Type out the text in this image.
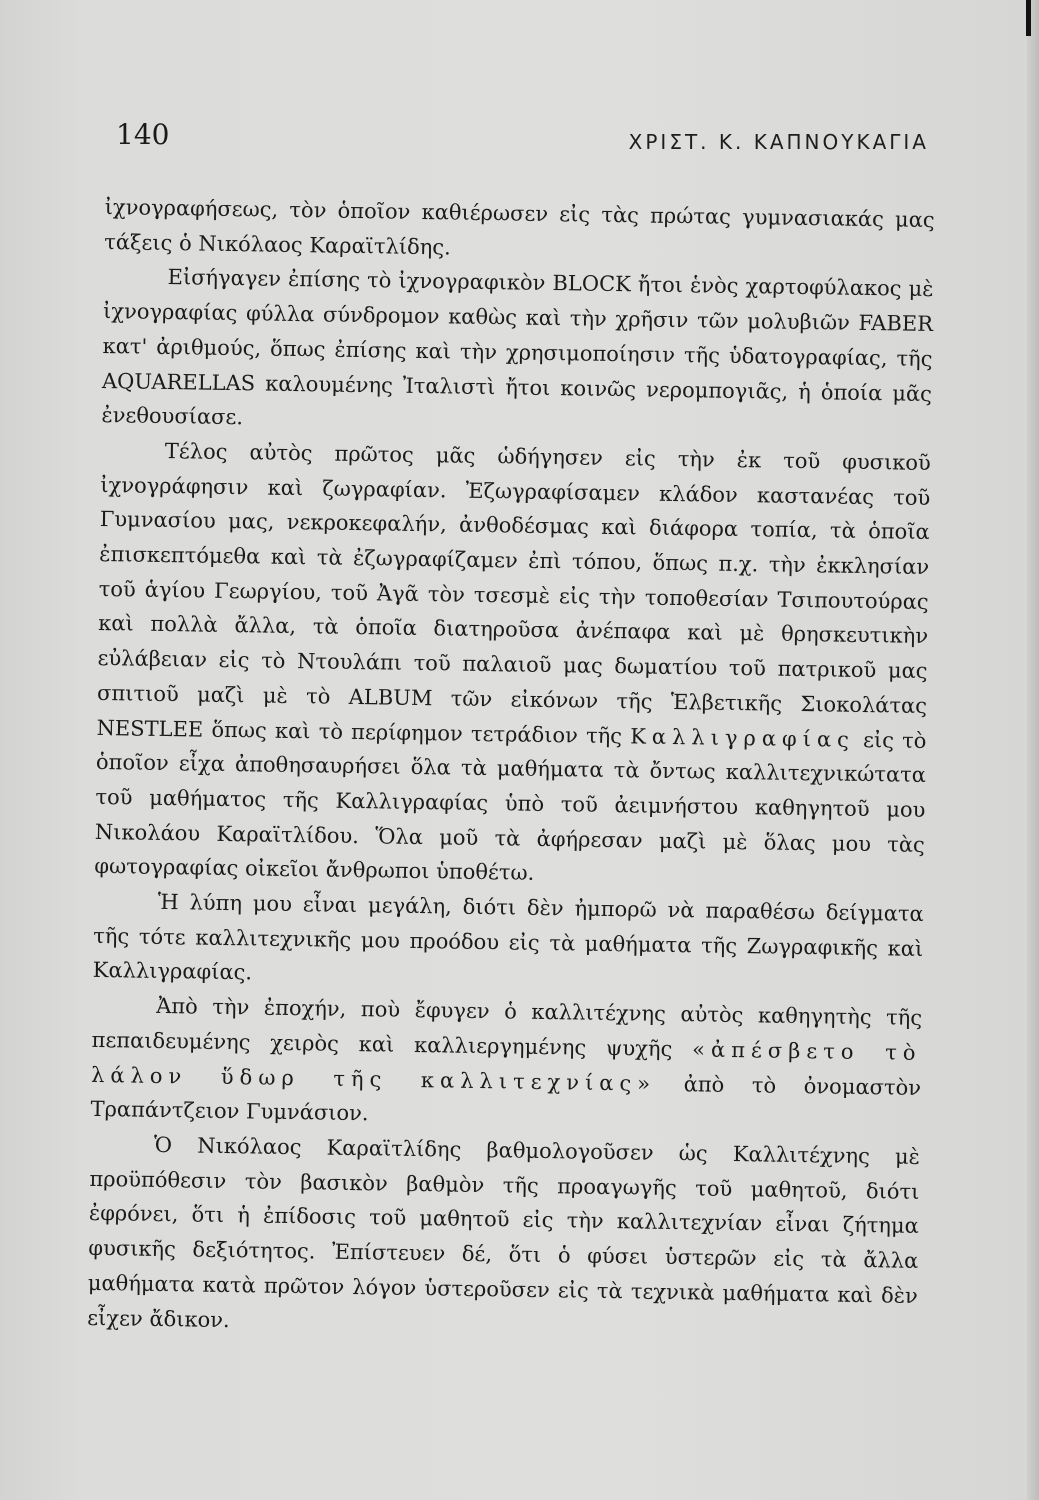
140	ΧΡΙΣΤ. Κ. ΚΑΠΝΟΥΚΑΓΙΑ

ἰχνογραφήσεως, τὸν ὁποῖον καθιέρωσεν εἰς τὰς πρώτας γυμνασιακάς μας τάξεις ὁ Νικόλαος Καραϊτλίδης.

Εἰσήγαγεν ἐπίσης τὸ ἰχνογραφικὸν BLOCK ἤτοι ἑνὸς χαρτοφύλακος μὲ ἰχνογραφίας φύλλα σύνδρομον καθὼς καὶ τὴν χρῆσιν τῶν μολυβιῶν FABER κατ' ἀριθμούς, ὅπως ἐπίσης καὶ τὴν χρησιμοποίησιν τῆς ὑδατογραφίας, τῆς AQUARELLAS καλουμένης Ἰταλιστὶ ἤτοι κοινῶς νερομπογιᾶς, ἡ ὁποία μᾶς ἐνεθουσίασε.

Τέλος αὐτὸς πρῶτος μᾶς ὡδήγησεν εἰς τὴν ἐκ τοῦ φυσικοῦ ἰχνογράφησιν καὶ ζωγραφίαν. Ἐζωγραφίσαμεν κλάδον καστανέας τοῦ Γυμνασίου μας, νεκροκεφαλήν, ἀνθοδέσμας καὶ διάφορα τοπία, τὰ ὁποῖα ἐπισκεπτόμεθα καὶ τὰ ἐζωγραφίζαμεν ἐπὶ τόπου, ὅπως π.χ. τὴν ἐκκλησίαν τοῦ ἁγίου Γεωργίου, τοῦ Ἀγᾶ τὸν τσεσμὲ εἰς τὴν τοποθεσίαν Τσιπουτούρας καὶ πολλὰ ἄλλα, τὰ ὁποῖα διατηροῦσα ἀνέπαφα καὶ μὲ θρησκευτικὴν εὐλάβειαν εἰς τὸ Ντουλάπι τοῦ παλαιοῦ μας δωματίου τοῦ πατρικοῦ μας σπιτιοῦ μαζὶ μὲ τὸ ALBUM τῶν εἰκόνων τῆς Ἑλβετικῆς Σιοκολάτας NESTLEE ὅπως καὶ τὸ περίφημον τετράδιον τῆς Καλλιγραφίας εἰς τὸ ὁποῖον εἶχα ἀποθησαυρήσει ὅλα τὰ μαθήματα τὰ ὄντως καλλιτεχνικώτατα τοῦ μαθήματος τῆς Καλλιγραφίας ὑπὸ τοῦ ἀειμνήστου καθηγητοῦ μου Νικολάου Καραϊτλίδου. Ὅλα μοῦ τὰ ἀφήρεσαν μαζὶ μὲ ὅλας μου τὰς φωτογραφίας οἰκεῖοι ἄνθρωποι ὑποθέτω.

Ἡ λύπη μου εἶναι μεγάλη, διότι δὲν ἠμπορῶ νὰ παραθέσω δείγματα τῆς τότε καλλιτεχνικῆς μου προόδου εἰς τὰ μαθήματα τῆς Ζωγραφικῆς καὶ Καλλιγραφίας.

Ἀπὸ τὴν ἐποχήν, ποὺ ἔφυγεν ὁ καλλιτέχνης αὐτὸς καθηγητὴς τῆς πεπαιδευμένης χειρὸς καὶ καλλιεργημένης ψυχῆς «ἀπέσβετο τὸ λάλον ὕδωρ τῆς καλλιτεχνίας» ἀπὸ τὸ ὀνομαστὸν Τραπάντζειον Γυμνάσιον.

Ὁ Νικόλαος Καραϊτλίδης βαθμολογοῦσεν ὡς Καλλιτέχνης μὲ προϋπόθεσιν τὸν βασικὸν βαθμὸν τῆς προαγωγῆς τοῦ μαθητοῦ, διότι ἐφρόνει, ὅτι ἡ ἐπίδοσις τοῦ μαθητοῦ εἰς τὴν καλλιτεχνίαν εἶναι ζήτημα φυσικῆς δεξιότητος. Ἐπίστευεν δέ, ὅτι ὁ φύσει ὑστερῶν εἰς τὰ ἄλλα μαθήματα κατὰ πρῶτον λόγον ὑστεροῦσεν εἰς τὰ τεχνικὰ μαθήματα καὶ δὲν εἶχεν ἄδικον.
